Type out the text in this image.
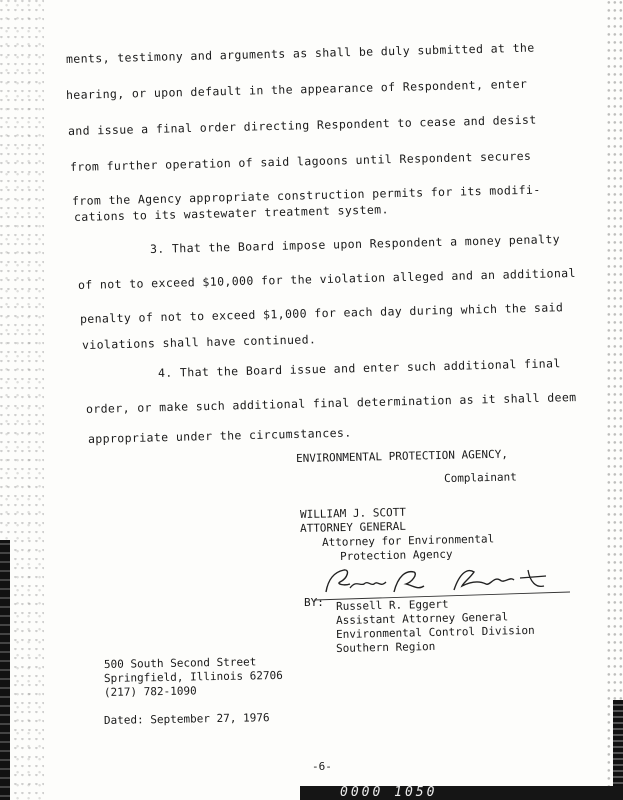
ments, testimony and arguments as shall be duly submitted at the
hearing, or upon default in the appearance of Respondent, enter
and issue a final order directing Respondent to cease and desist
from further operation of said lagoons until Respondent secures
from the Agency appropriate construction permits for its modifi-
cations to its wastewater treatment system.
3. That the Board impose upon Respondent a money penalty
of not to exceed $10,000 for the violation alleged and an additional
penalty of not to exceed $1,000 for each day during which the said
violations shall have continued.
4. That the Board issue and enter such additional final
order, or make such additional final determination as it shall deem
appropriate under the circumstances.
ENVIRONMENTAL PROTECTION AGENCY,
Complainant
WILLIAM J. SCOTT
ATTORNEY GENERAL
Attorney for Environmental
Protection Agency
BY: Russell R. Eggert
Assistant Attorney General
Environmental Control Division
Southern Region
500 South Second Street
Springfield, Illinois 62706
(217) 782-1090
Dated: September 27, 1976
-6-
0000 1050
